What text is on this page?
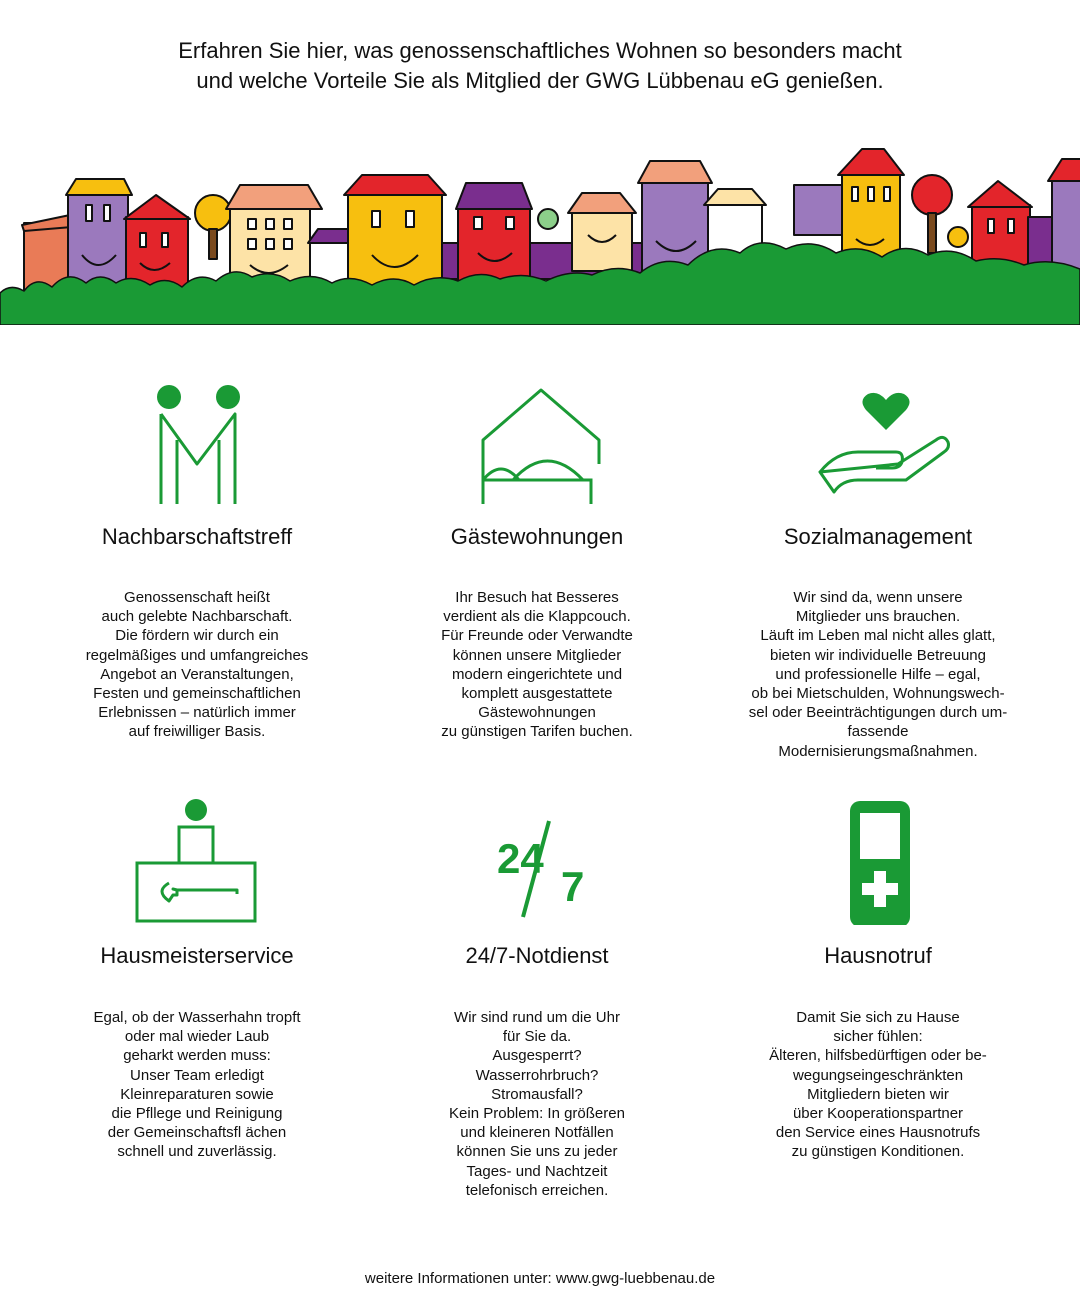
Erfahren Sie hier, was genossenschaftliches Wohnen so besonders macht
und welche Vorteile Sie als Mitglied der GWG Lübbenau eG genießen.
Nachbarschaftstreff
Genossenschaft heißt
auch gelebte Nachbarschaft.
Die fördern wir durch ein
regelmäßiges und umfangreiches
Angebot an Veranstaltungen,
Festen und gemeinschaftlichen
Erlebnissen – natürlich immer
auf freiwilliger Basis.
Gästewohnungen
Ihr Besuch hat Besseres
verdient als die Klappcouch.
Für Freunde oder Verwandte
können unsere Mitglieder
modern eingerichtete und
komplett ausgestattete
Gästewohnungen
zu günstigen Tarifen buchen.
Sozialmanagement
Wir sind da, wenn unsere
Mitglieder uns brauchen.
Läuft im Leben mal nicht alles glatt,
bieten wir individuelle Betreuung
und professionelle Hilfe – egal,
ob bei Mietschulden, Wohnungswech-
sel oder Beeinträchtigungen durch um-
fassende
Modernisierungsmaßnahmen.
Hausmeisterservice
Egal, ob der Wasserhahn tropft
oder mal wieder Laub
geharkt werden muss:
Unser Team erledigt
Kleinreparaturen sowie
die Pfllege und Reinigung
der Gemeinschaftsfl ächen
schnell und zuverlässig.
24
7
24/7-Notdienst
Wir sind rund um die Uhr
für Sie da.
Ausgesperrt?
Wasserrohrbruch?
Stromausfall?
Kein Problem: In größeren
und kleineren Notfällen
können Sie uns zu jeder
Tages- und Nachtzeit
telefonisch erreichen.
Hausnotruf
Damit Sie sich zu Hause
sicher fühlen:
Älteren, hilfsbedürftigen oder be-
wegungseingeschränkten
Mitgliedern bieten wir
über Kooperationspartner
den Service eines Hausnotrufs
zu günstigen Konditionen.
weitere Informationen unter: www.gwg-luebbenau.de
